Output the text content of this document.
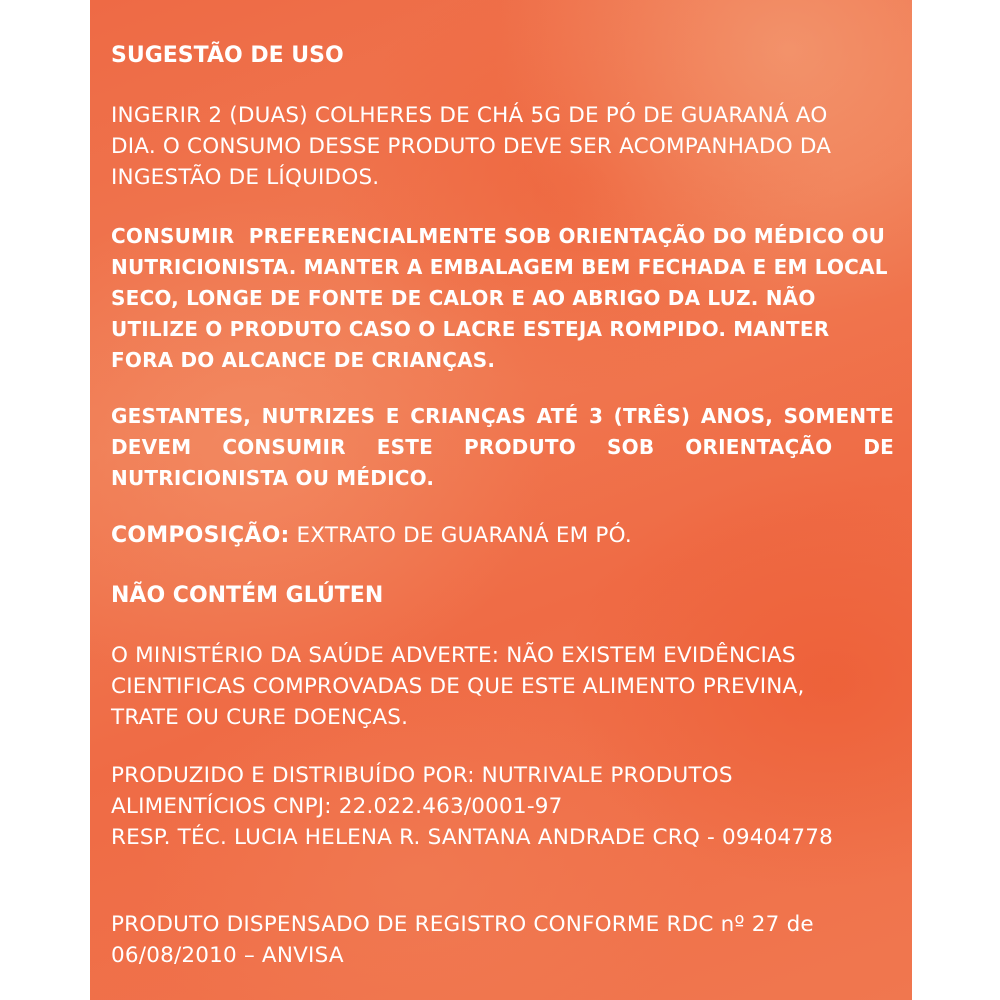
SUGESTÃO DE USO

INGERIR 2 (DUAS) COLHERES DE CHÁ 5G DE PÓ DE GUARANÁ AO
DIA. O CONSUMO DESSE PRODUTO DEVE SER ACOMPANHADO DA
INGESTÃO DE LÍQUIDOS.

CONSUMIR  PREFERENCIALMENTE SOB ORIENTAÇÃO DO MÉDICO OU
NUTRICIONISTA. MANTER A EMBALAGEM BEM FECHADA E EM LOCAL
SECO, LONGE DE FONTE DE CALOR E AO ABRIGO DA LUZ. NÃO
UTILIZE O PRODUTO CASO O LACRE ESTEJA ROMPIDO. MANTER
FORA DO ALCANCE DE CRIANÇAS.

GESTANTES, NUTRIZES E CRIANÇAS ATÉ 3 (TRÊS) ANOS, SOMENTE
DEVEM CONSUMIR ESTE PRODUTO SOB ORIENTAÇÃO DE
NUTRICIONISTA OU MÉDICO.

COMPOSIÇÃO: EXTRATO DE GUARANÁ EM PÓ.

NÃO CONTÉM GLÚTEN

O MINISTÉRIO DA SAÚDE ADVERTE: NÃO EXISTEM EVIDÊNCIAS
CIENTIFICAS COMPROVADAS DE QUE ESTE ALIMENTO PREVINA,
TRATE OU CURE DOENÇAS.

PRODUZIDO E DISTRIBUÍDO POR: NUTRIVALE PRODUTOS
ALIMENTÍCIOS CNPJ: 22.022.463/0001-97
RESP. TÉC. LUCIA HELENA R. SANTANA ANDRADE CRQ - 09404778

PRODUTO DISPENSADO DE REGISTRO CONFORME RDC nº 27 de
06/08/2010 – ANVISA
